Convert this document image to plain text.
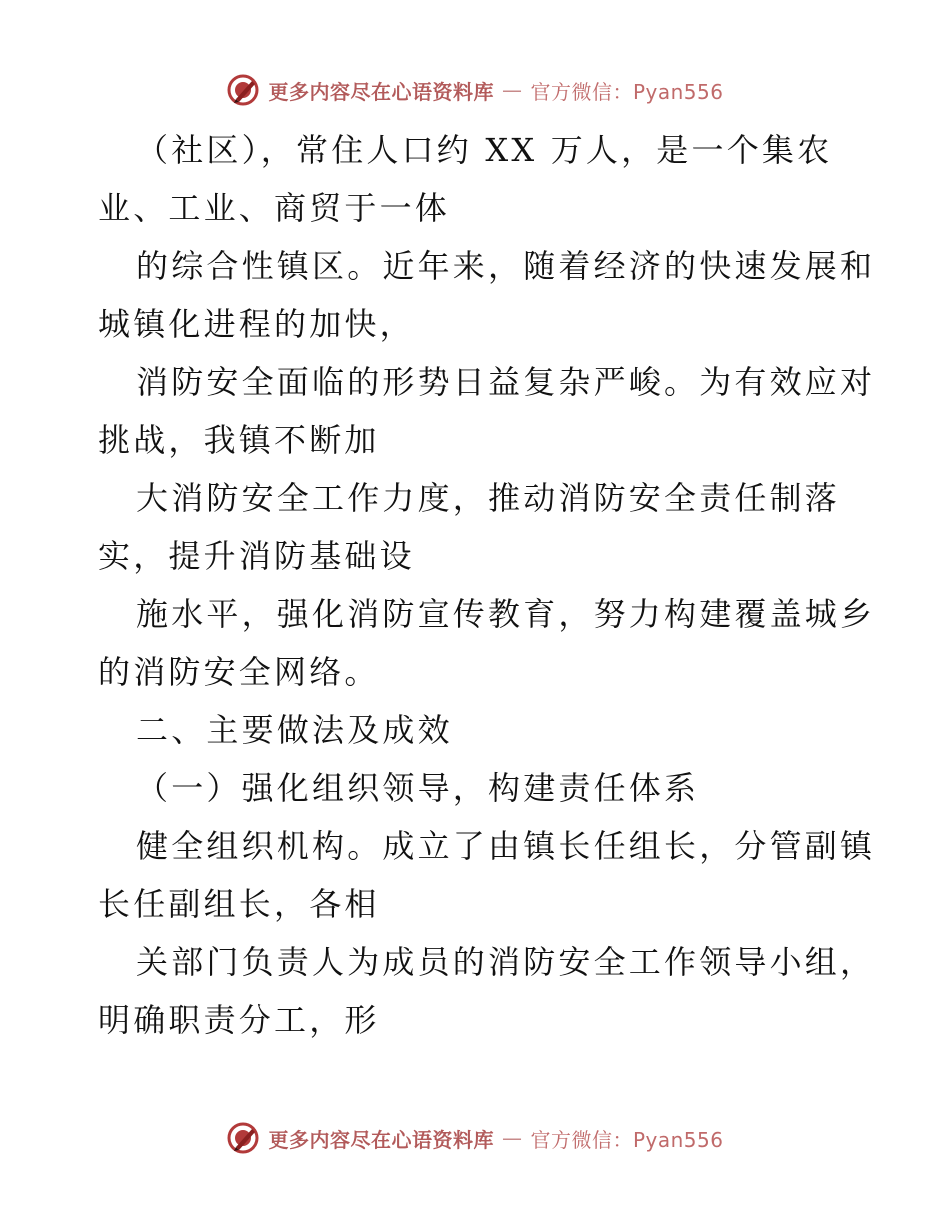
更多内容尽在心语资料库 — 官方微信：Pyan556
（社区），常住人口约 XX 万人，是一个集农
业、工业、商贸于一体
的综合性镇区。近年来，随着经济的快速发展和
城镇化进程的加快，
消防安全面临的形势日益复杂严峻。为有效应对
挑战，我镇不断加
大消防安全工作力度，推动消防安全责任制落
实，提升消防基础设
施水平，强化消防宣传教育，努力构建覆盖城乡
的消防安全网络。
二、主要做法及成效
（一）强化组织领导，构建责任体系
健全组织机构。成立了由镇长任组长，分管副镇
长任副组长，各相
关部门负责人为成员的消防安全工作领导小组，
明确职责分工，形
更多内容尽在心语资料库 — 官方微信：Pyan556
